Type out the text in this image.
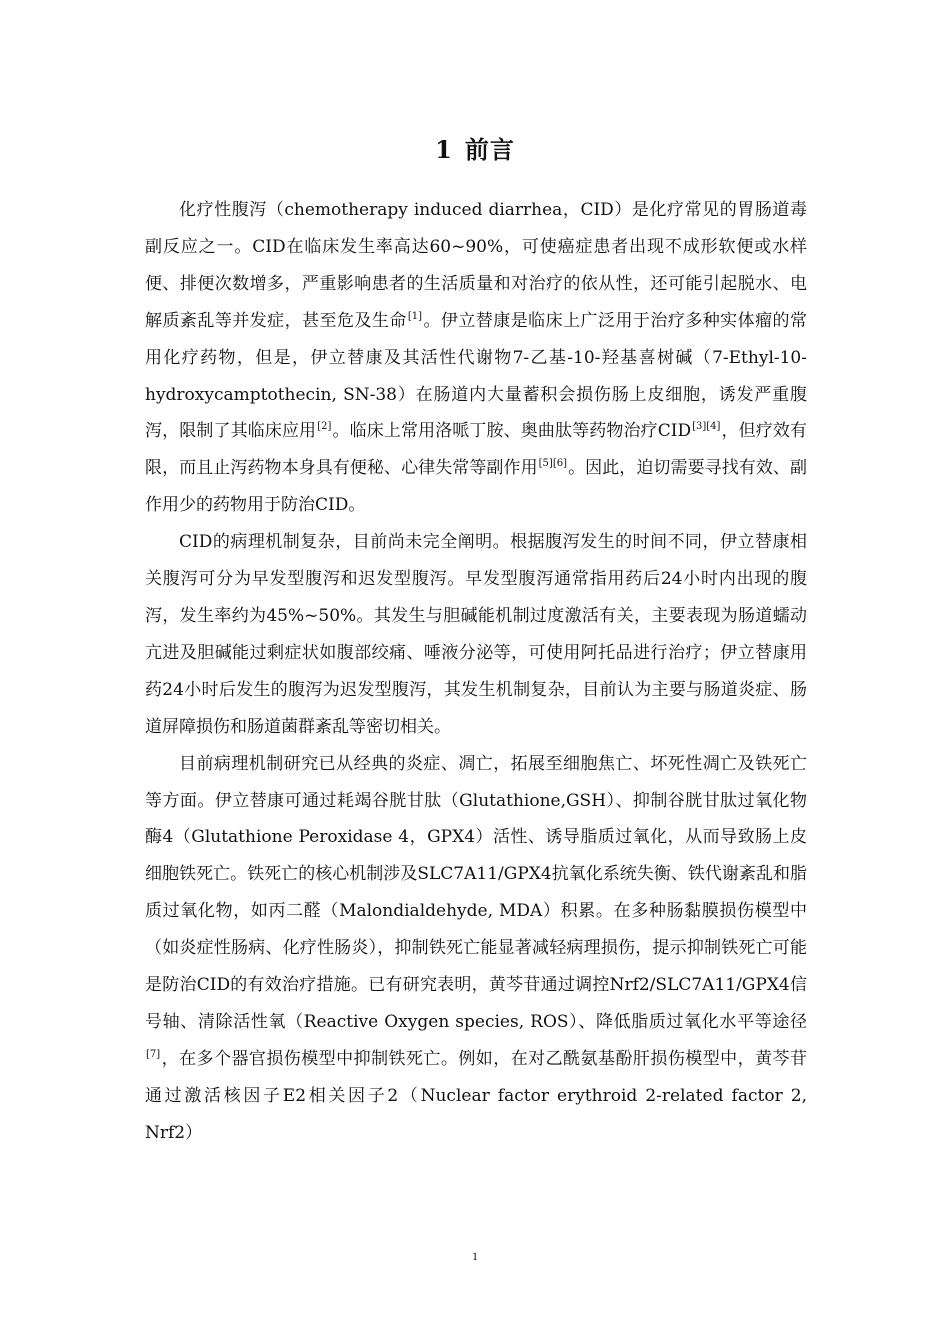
1 前言

化疗性腹泻（chemotherapy induced diarrhea，CID）是化疗常见的胃肠道毒副反应之一。CID在临床发生率高达60~90%，可使癌症患者出现不成形软便或水样便、排便次数增多，严重影响患者的生活质量和对治疗的依从性，还可能引起脱水、电解质紊乱等并发症，甚至危及生命[1]。伊立替康是临床上广泛用于治疗多种实体瘤的常用化疗药物，但是，伊立替康及其活性代谢物7-乙基-10-羟基喜树碱（7-Ethyl-10-hydroxycamptothecin, SN-38）在肠道内大量蓄积会损伤肠上皮细胞，诱发严重腹泻，限制了其临床应用[2]。临床上常用洛哌丁胺、奥曲肽等药物治疗CID[3][4]，但疗效有限，而且止泻药物本身具有便秘、心律失常等副作用[5][6]。因此，迫切需要寻找有效、副作用少的药物用于防治CID。

CID的病理机制复杂，目前尚未完全阐明。根据腹泻发生的时间不同，伊立替康相关腹泻可分为早发型腹泻和迟发型腹泻。早发型腹泻通常指用药后24小时内出现的腹泻，发生率约为45%~50%。其发生与胆碱能机制过度激活有关，主要表现为肠道蠕动亢进及胆碱能过剩症状如腹部绞痛、唾液分泌等，可使用阿托品进行治疗；伊立替康用药24小时后发生的腹泻为迟发型腹泻，其发生机制复杂，目前认为主要与肠道炎症、肠道屏障损伤和肠道菌群紊乱等密切相关。

目前病理机制研究已从经典的炎症、凋亡，拓展至细胞焦亡、坏死性凋亡及铁死亡等方面。伊立替康可通过耗竭谷胱甘肽（Glutathione,GSH）、抑制谷胱甘肽过氧化物酶4（Glutathione Peroxidase 4，GPX4）活性、诱导脂质过氧化，从而导致肠上皮细胞铁死亡。铁死亡的核心机制涉及SLC7A11/GPX4抗氧化系统失衡、铁代谢紊乱和脂质过氧化物，如丙二醛（Malondialdehyde, MDA）积累。在多种肠黏膜损伤模型中（如炎症性肠病、化疗性肠炎），抑制铁死亡能显著减轻病理损伤，提示抑制铁死亡可能是防治CID的有效治疗措施。已有研究表明，黄芩苷通过调控Nrf2/SLC7A11/GPX4信号轴、清除活性氧（Reactive Oxygen species, ROS）、降低脂质过氧化水平等途径[7]，在多个器官损伤模型中抑制铁死亡。例如，在对乙酰氨基酚肝损伤模型中，黄芩苷通过激活核因子E2相关因子2（Nuclear factor erythroid 2-related factor 2, Nrf2）

1
